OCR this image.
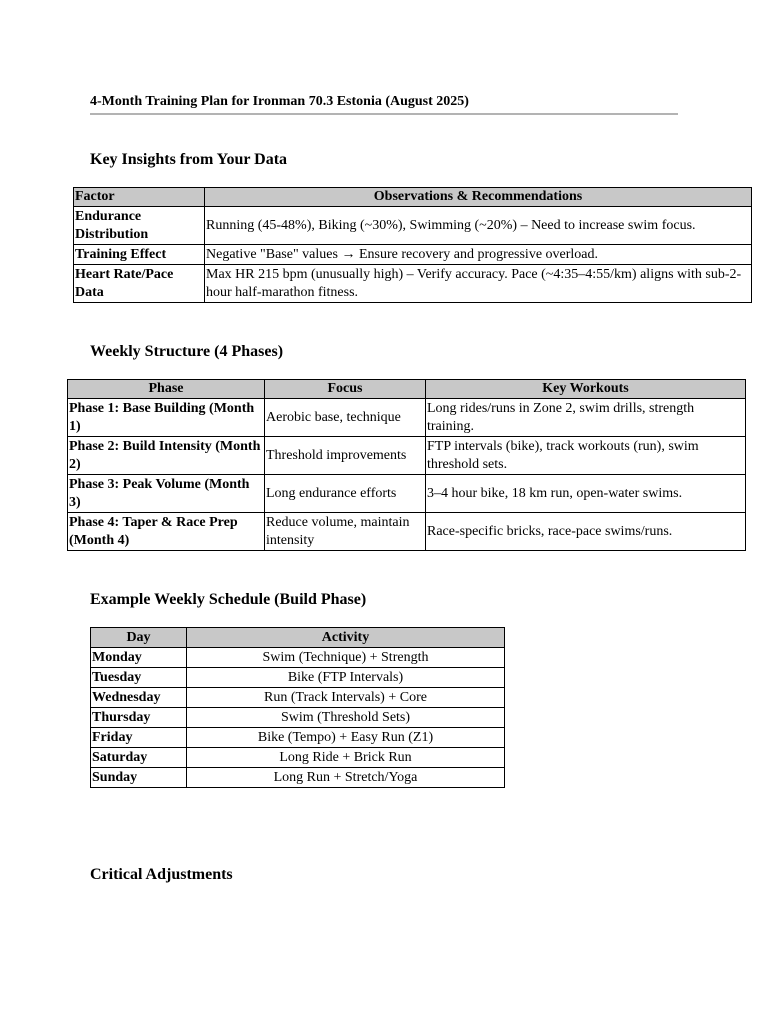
4-Month Training Plan for Ironman 70.3 Estonia (August 2025)
Key Insights from Your Data
Factor	Observations & Recommendations
Endurance Distribution	Running (45-48%), Biking (~30%), Swimming (~20%) – Need to increase swim focus.
Training Effect	Negative "Base" values → Ensure recovery and progressive overload.
Heart Rate/Pace Data	Max HR 215 bpm (unusually high) – Verify accuracy. Pace (~4:35–4:55/km) aligns with sub-2-hour half-marathon fitness.
Weekly Structure (4 Phases)
Phase	Focus	Key Workouts
Phase 1: Base Building (Month 1)	Aerobic base, technique	Long rides/runs in Zone 2, swim drills, strength training.
Phase 2: Build Intensity (Month 2)	Threshold improvements	FTP intervals (bike), track workouts (run), swim threshold sets.
Phase 3: Peak Volume (Month 3)	Long endurance efforts	3–4 hour bike, 18 km run, open-water swims.
Phase 4: Taper & Race Prep (Month 4)	Reduce volume, maintain intensity	Race-specific bricks, race-pace swims/runs.
Example Weekly Schedule (Build Phase)
Day	Activity
Monday	Swim (Technique) + Strength
Tuesday	Bike (FTP Intervals)
Wednesday	Run (Track Intervals) + Core
Thursday	Swim (Threshold Sets)
Friday	Bike (Tempo) + Easy Run (Z1)
Saturday	Long Ride + Brick Run
Sunday	Long Run + Stretch/Yoga
Critical Adjustments
